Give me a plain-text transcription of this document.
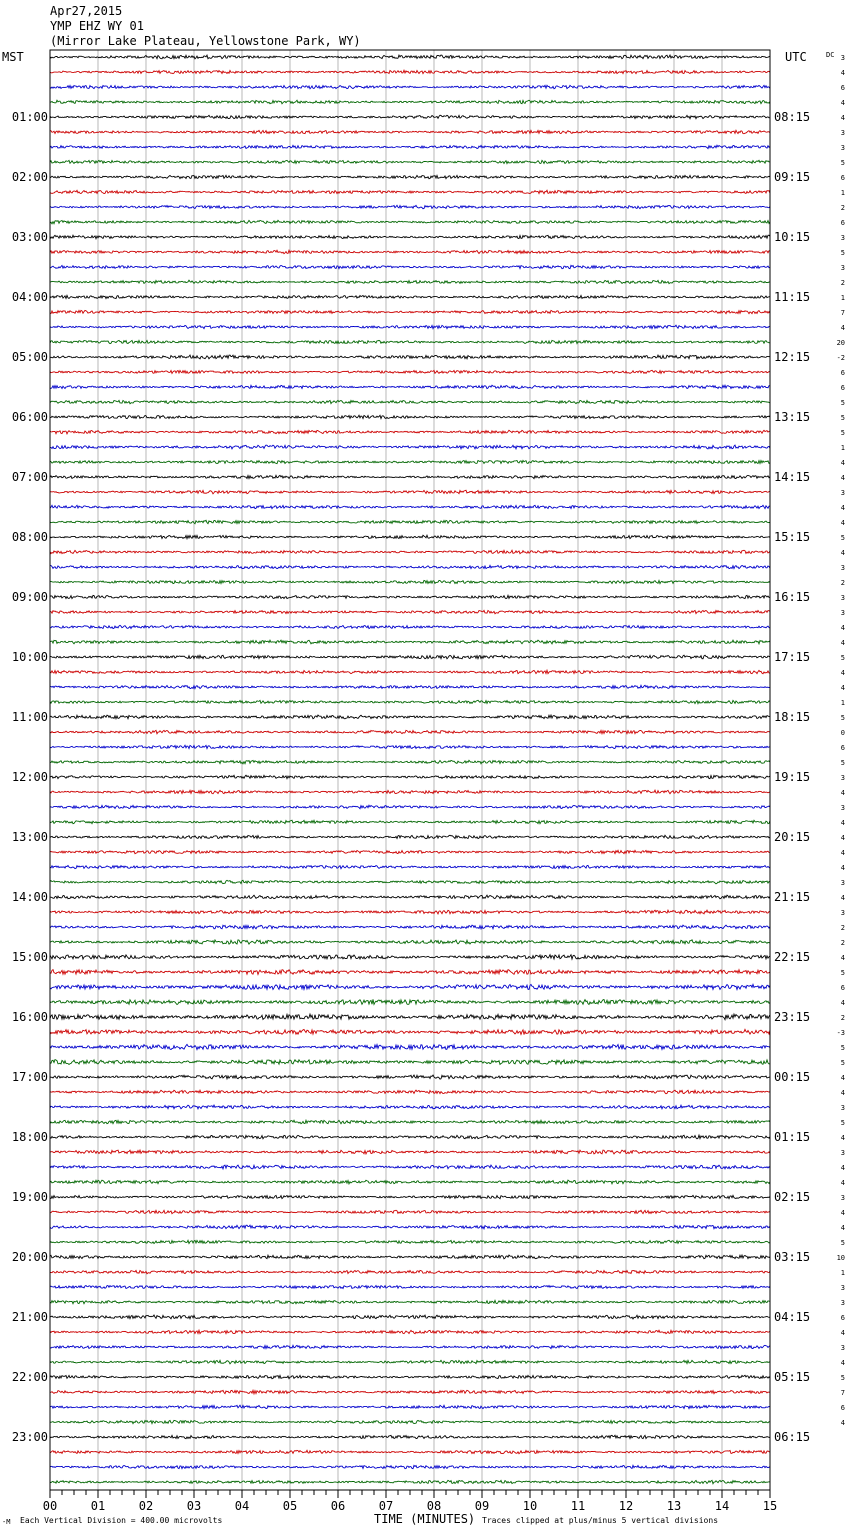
Apr27,2015
YMP EHZ WY 01
(Mirror Lake Plateau, Yellowstone Park, WY)
MST	UTC	DC
01:00
02:00
03:00
04:00
05:00
06:00
07:00
08:00
09:00
10:00
11:00
12:00
13:00
14:00
15:00
16:00
17:00
18:00
19:00
20:00
21:00
22:00
23:00
08:15
09:15
10:15
11:15
12:15
13:15
14:15
15:15
16:15
17:15
18:15
19:15
20:15
21:15
22:15
23:15
00:15
01:15
02:15
03:15
04:15
05:15
06:15
3
4
6
4
4
3
3
5
6
1
2
6
3
5
3
2
1
7
4
20
-2
6
6
5
5
5
1
4
4
3
4
4
5
4
3
2
3
3
4
4
5
4
4
1
5
0
6
5
3
4
3
4
4
4
4
3
4
3
2
2
4
5
6
4
2
-3
5
5
4
4
3
5
4
3
4
4
3
4
4
5
10
1
3
3
6
4
3
4
5
7
6
4
00	01	02	03	04	05	06	07	08	09	10	11	12	13	14	15
-M Each Vertical Division = 400.00 microvolts	TIME (MINUTES) Traces clipped at plus/minus 5 vertical divisions
